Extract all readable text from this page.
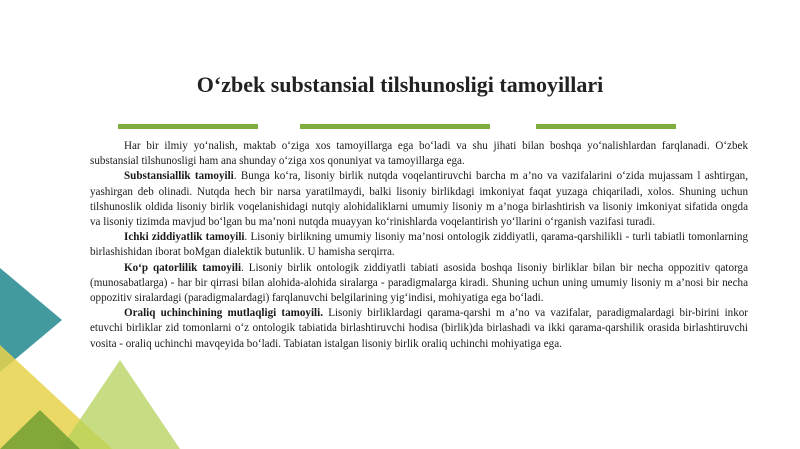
O‘zbek substansial tilshunosligi tamoyillari

Har bir ilmiy yo‘nalish, maktab o‘ziga xos tamoyillarga ega bo‘ladi va shu jihati bilan boshqa yo‘nalishlardan farqlanadi. O‘zbek substansial tilshunosligi ham ana shunday o‘ziga xos qonuniyat va tamoyillarga ega.

Substansiallik tamoyili. Bunga ko‘ra, lisoniy birlik nutqda voqelantiruvchi barcha m a’no va vazifalarini o‘zida mujassam l ashtirgan, yashirgan deb olinadi. Nutqda hech bir narsa yaratilmaydi, balki lisoniy birlikdagi imkoniyat faqat yuzaga chiqariladi, xolos. Shuning uchun tilshunoslik oldida lisoniy birlik voqelanishidagi nutqiy alohidaliklarni umumiy lisoniy m a’noga birlashtirish va lisoniy imkoniyat sifatida ongda va lisoniy tizimda mavjud bo‘lgan bu ma’noni nutqda muayyan ko‘rinishlarda voqelantirish yo‘llarini o‘rganish vazifasi turadi.

Ichki ziddiyatlik tamoyili. Lisoniy birlikning umumiy lisoniy ma’nosi ontologik ziddiyatli, qarama-qarshilikli - turli tabiatli tomonlarning birlashishidan iborat boMgan dialektik butunlik. U hamisha serqirra.

Ko‘p qatorlilik tamoyili. Lisoniy birlik ontologik ziddiyatli tabiati asosida boshqa lisoniy birliklar bilan bir necha oppozitiv qatorga (munosabatlarga) - har bir qirrasi bilan alohida-alohida siralarga - paradigmalarga kiradi. Shuning uchun uning umumiy lisoniy m a’nosi bir necha oppozitiv siralardagi (paradigmalardagi) farqlanuvchi belgilarining yig‘indisi, mohiyatiga ega bo‘ladi.

Oraliq uchinchining mutlaqligi tamoyili. Lisoniy birliklardagi qarama-qarshi m a’no va vazifalar, paradigmalardagi bir-birini inkor etuvchi birliklar zid tomonlarni o‘z ontologik tabiatida birlashtiruvchi hodisa (birlik)da birlashadi va ikki qarama-qarshilik orasida birlashtiruvchi vosita - oraliq uchinchi mavqeyida bo‘ladi. Tabiatan istalgan lisoniy birlik oraliq uchinchi mohiyatiga ega.
